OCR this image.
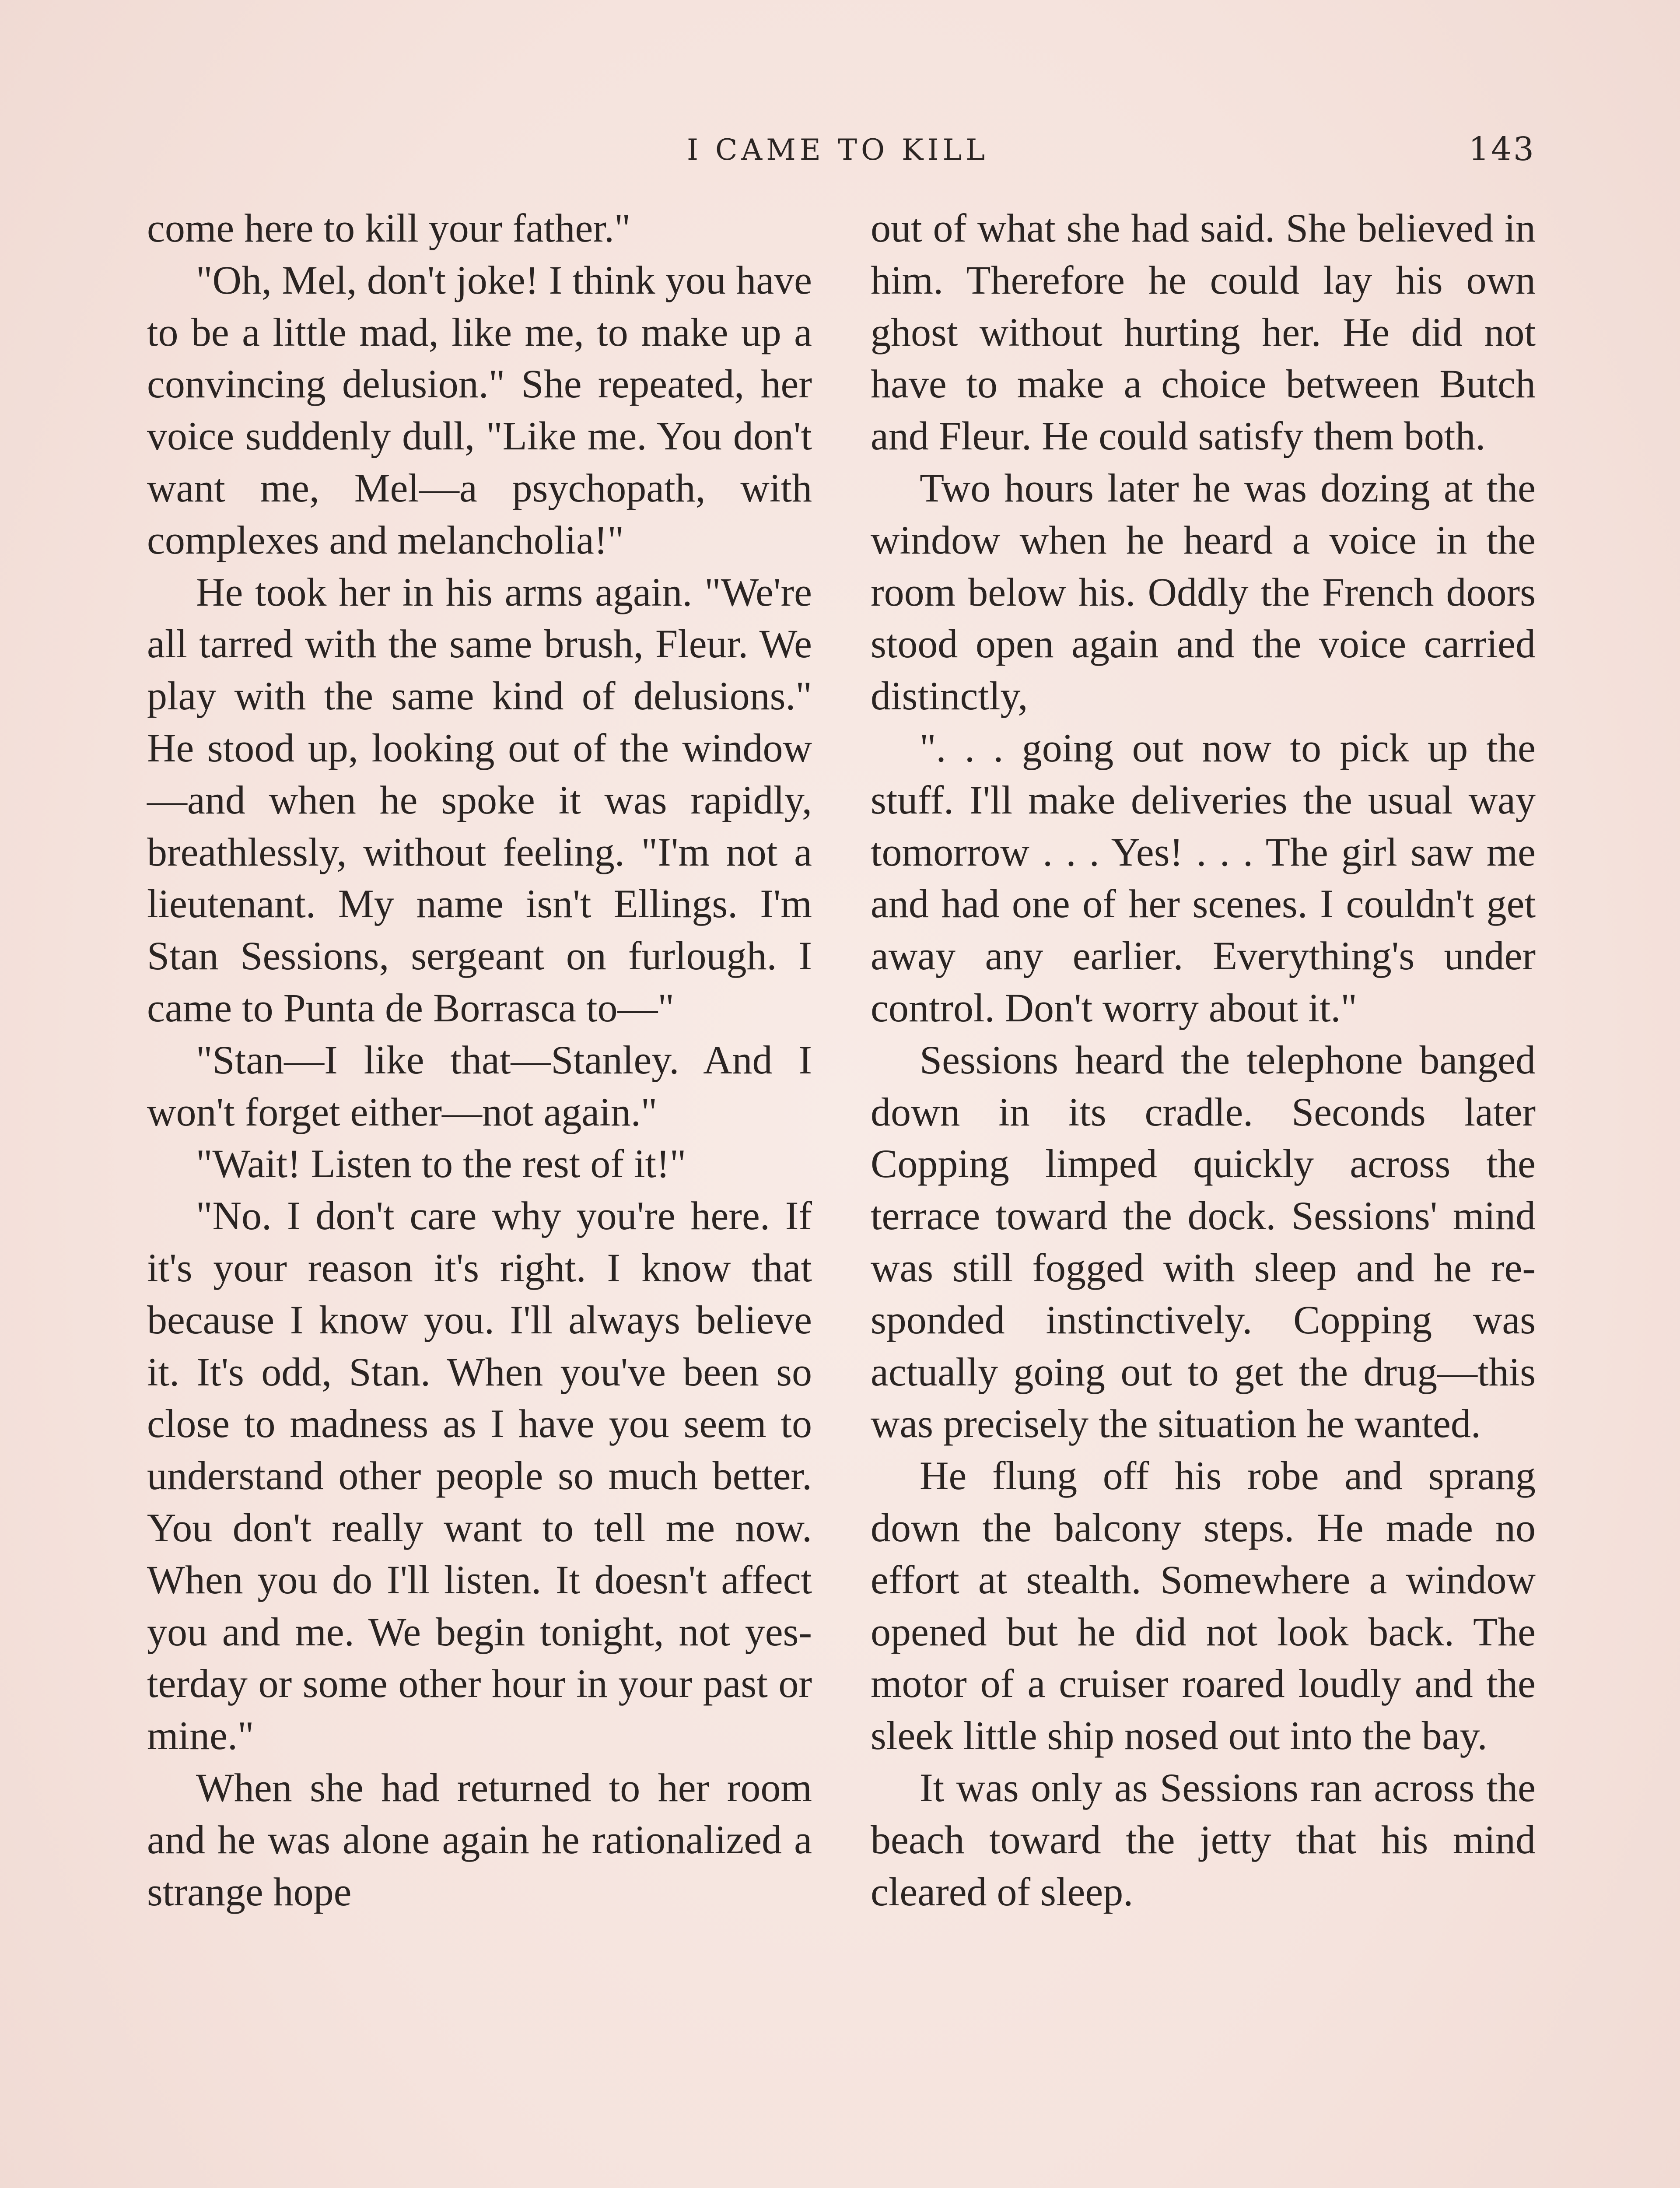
I CAME TO KILL	143

come here to kill your father."

"Oh, Mel, don't joke! I think you have to be a little mad, like me, to make up a convincing delusion." She repeated, her voice suddenly dull, "Like me. You don't want me, Mel—a psychopath, with complexes and melancholia!"

He took her in his arms again. "We're all tarred with the same brush, Fleur. We play with the same kind of delusions." He stood up, looking out of the window—and when he spoke it was rapidly, breathlessly, without feeling. "I'm not a lieutenant. My name isn't Ellings. I'm Stan Sessions, sergeant on furlough. I came to Punta de Borrasca to—"

"Stan—I like that—Stanley. And I won't forget either—not again."

"Wait! Listen to the rest of it!"

"No. I don't care why you're here. If it's your reason it's right. I know that because I know you. I'll always believe it. It's odd, Stan. When you've been so close to madness as I have you seem to understand other people so much better. You don't really want to tell me now. When you do I'll listen. It doesn't affect you and me. We begin tonight, not yesterday or some other hour in your past or mine."

When she had returned to her room and he was alone again he rationalized a strange hope

out of what she had said. She believed in him. Therefore he could lay his own ghost without hurting her. He did not have to make a choice between Butch and Fleur. He could satisfy them both.

Two hours later he was dozing at the window when he heard a voice in the room below his. Oddly the French doors stood open again and the voice carried distinctly,

". . . going out now to pick up the stuff. I'll make deliveries the usual way tomorrow . . . Yes! . . . The girl saw me and had one of her scenes. I couldn't get away any earlier. Everything's under control. Don't worry about it."

Sessions heard the telephone banged down in its cradle. Seconds later Copping limped quickly across the terrace toward the dock. Sessions' mind was still fogged with sleep and he responded instinctively. Copping was actually going out to get the drug—this was precisely the situation he wanted.

He flung off his robe and sprang down the balcony steps. He made no effort at stealth. Somewhere a window opened but he did not look back. The motor of a cruiser roared loudly and the sleek little ship nosed out into the bay.

It was only as Sessions ran across the beach toward the jetty that his mind cleared of sleep.
